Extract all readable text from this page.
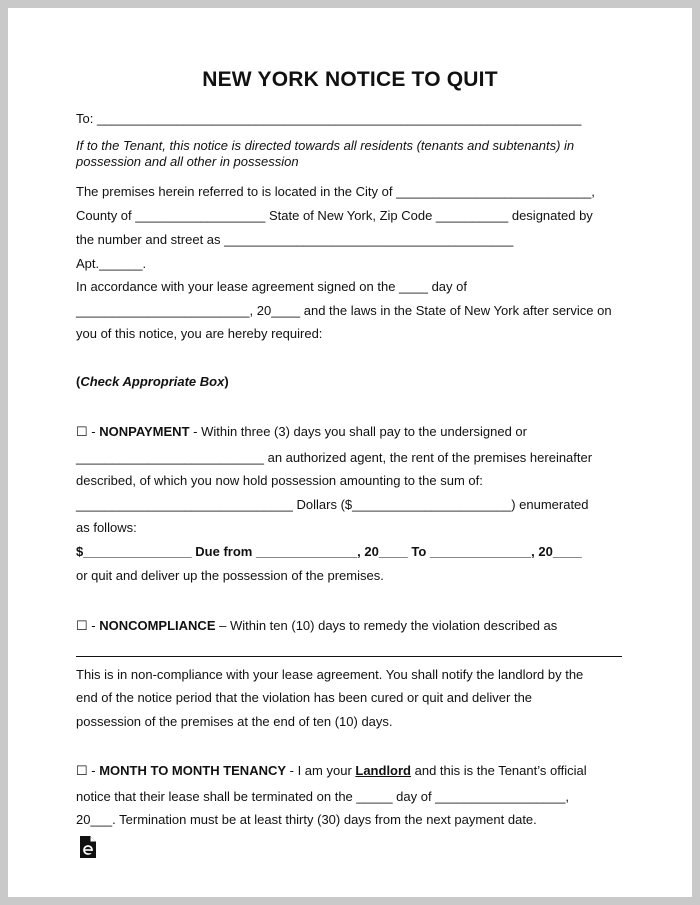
NEW YORK NOTICE TO QUIT
To: ___________________________________________________________________
If to the Tenant, this notice is directed towards all residents (tenants and subtenants) in
possession and all other in possession
The premises herein referred to is located in the City of ___________________________,
County of __________________ State of New York, Zip Code __________ designated by
the number and street as ________________________________________
Apt.______.
In accordance with your lease agreement signed on the ____ day of
________________________, 20____ and the laws in the State of New York after service on
you of this notice, you are hereby required:
(Check Appropriate Box)
☐ - NONPAYMENT - Within three (3) days you shall pay to the undersigned or
__________________________ an authorized agent, the rent of the premises hereinafter
described, of which you now hold possession amounting to the sum of:
______________________________ Dollars ($______________________) enumerated
as follows:
$_______________ Due from ______________, 20____ To ______________, 20____
or quit and deliver up the possession of the premises.
☐ - NONCOMPLIANCE – Within ten (10) days to remedy the violation described as
This is in non-compliance with your lease agreement. You shall notify the landlord by the
end of the notice period that the violation has been cured or quit and deliver the
possession of the premises at the end of ten (10) days.
☐ - MONTH TO MONTH TENANCY - I am your Landlord and this is the Tenant’s official
notice that their lease shall be terminated on the _____ day of __________________,
20___. Termination must be at least thirty (30) days from the next payment date.
